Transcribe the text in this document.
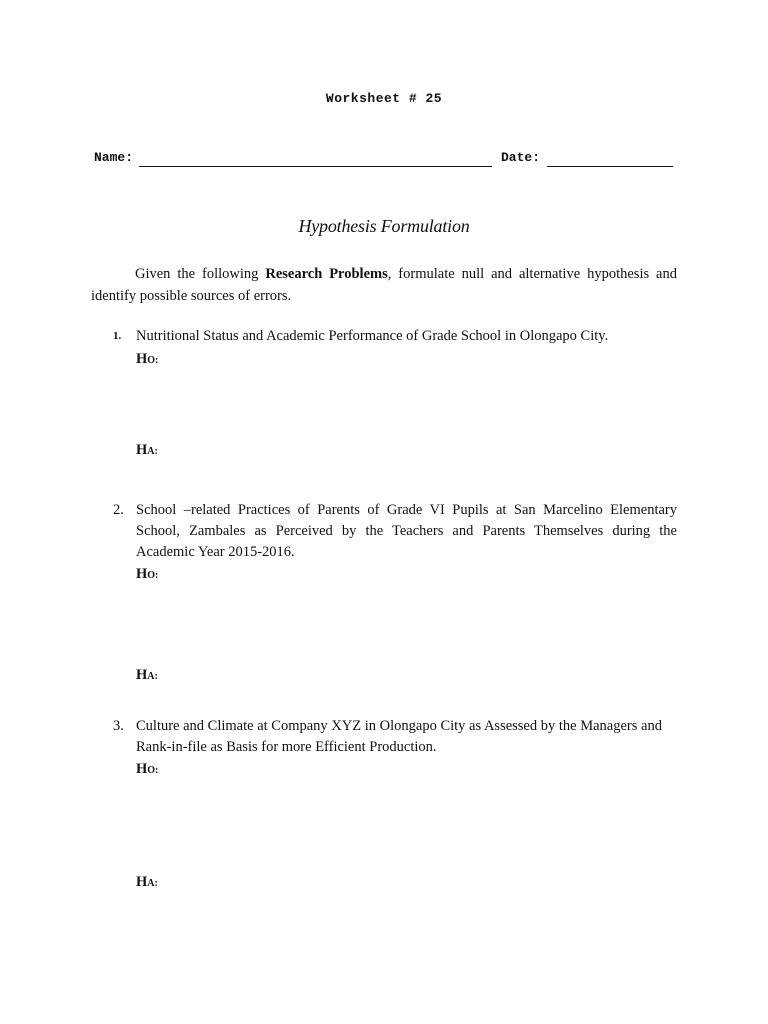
Worksheet # 25
Name:	Date:
Hypothesis Formulation
Given the following Research Problems, formulate null and alternative hypothesis and identify possible sources of errors.
1. Nutritional Status and Academic Performance of Grade School in Olongapo City.
HO:
HA:
2. School –related Practices of Parents of Grade VI Pupils at San Marcelino Elementary School, Zambales as Perceived by the Teachers and Parents Themselves during the Academic Year 2015-2016.
HO:
HA:
3. Culture and Climate at Company XYZ in Olongapo City as Assessed by the Managers and Rank-in-file as Basis for more Efficient Production.
HO:
HA:
